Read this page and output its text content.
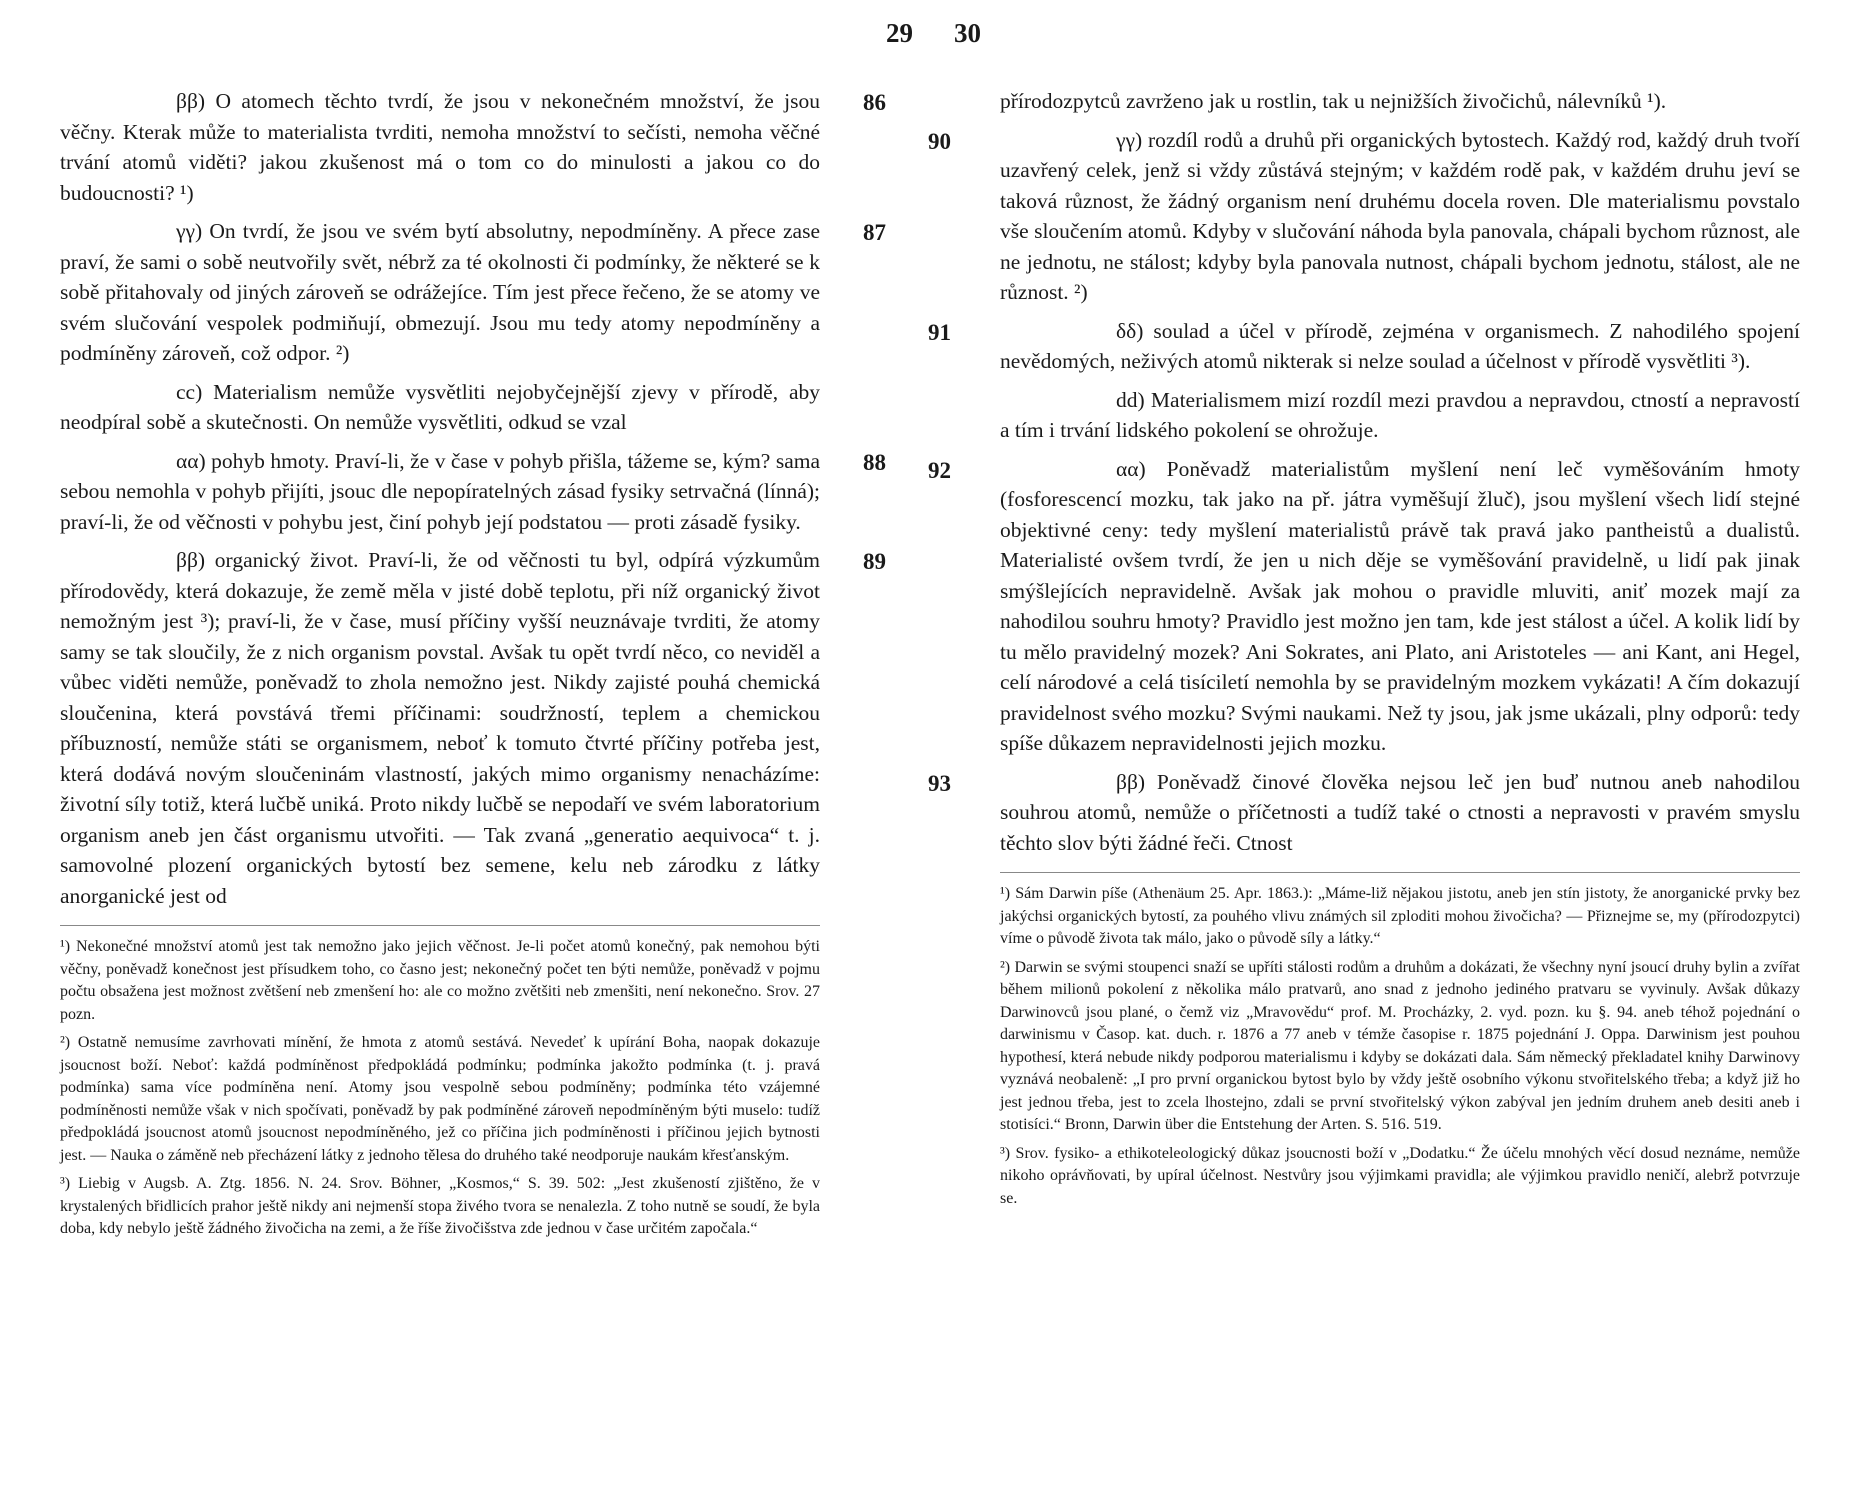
29 30

86
ββ) O atomech těchto tvrdí, že jsou v nekonečném množství, že jsou věčny. Kterak může to materialista tvrditi, nemoha množství to sečísti, nemoha věčné trvání atomů viděti? jakou zkušenost má o tom co do minulosti a jakou co do budoucnosti? ¹)

87
γγ) On tvrdí, že jsou ve svém bytí absolutny, nepodmíněny. A přece zase praví, že sami o sobě neutvořily svět, nébrž za té okolnosti či podmínky, že některé se k sobě přitahovaly od jiných zároveň se odrážejíce. Tím jest přece řečeno, že se atomy ve svém slučování vespolek podmiňují, obmezují. Jsou mu tedy atomy nepodmíněny a podmíněny zároveň, což odpor. ²)

cc) Materialism nemůže vysvětliti nejobyčejnější zjevy v přírodě, aby neodpíral sobě a skutečnosti. On nemůže vysvětliti, odkud se vzal

88
αα) pohyb hmoty. Praví-li, že v čase v pohyb přišla, tážeme se, kým? sama sebou nemohla v pohyb přijíti, jsouc dle nepopíratelných zásad fysiky setrvačná (línná); praví-li, že od věčnosti v pohybu jest, činí pohyb její podstatou — proti zásadě fysiky.

89
ββ) organický život. Praví-li, že od věčnosti tu byl, odpírá výzkumům přírodovědy, která dokazuje, že země měla v jisté době teplotu, při níž organický život nemožným jest ³); praví-li, že v čase, musí příčiny vyšší neuznávaje tvrditi, že atomy samy se tak sloučily, že z nich organism povstal. Avšak tu opět tvrdí něco, co neviděl a vůbec viděti nemůže, poněvadž to zhola nemožno jest. Nikdy zajisté pouhá chemická sloučenina, která povstává třemi příčinami: soudržností, teplem a chemickou příbuzností, nemůže státi se organismem, neboť k tomuto čtvrté příčiny potřeba jest, která dodává novým sloučeninám vlastností, jakých mimo organismy nenacházíme: životní síly totiž, která lučbě uniká. Proto nikdy lučbě se nepodaří ve svém laboratorium organism aneb jen část organismu utvořiti. — Tak zvaná „generatio aequivoca“ t. j. samovolné plození organických bytostí bez semene, kelu neb zárodku z látky anorganické jest od

¹) Nekonečné množství atomů jest tak nemožno jako jejich věčnost. Je-li počet atomů konečný, pak nemohou býti věčny, poněvadž konečnost jest přísudkem toho, co časno jest; nekonečný počet ten býti nemůže, poněvadž v pojmu počtu obsažena jest možnost zvětšení neb zmenšení ho: ale co možno zvětšiti neb zmenšiti, není nekonečno. Srov. 27 pozn.

²) Ostatně nemusíme zavrhovati mínění, že hmota z atomů sestává. Nevedeť k upírání Boha, naopak dokazuje jsoucnost boží. Neboť: každá podmíněnost předpokládá podmínku; podmínka jakožto podmínka (t. j. pravá podmínka) sama více podmíněna není. Atomy jsou vespolně sebou podmíněny; podmínka této vzájemné podmíněnosti nemůže však v nich spočívati, poněvadž by pak podmíněné zároveň nepodmíněným býti muselo: tudíž předpokládá jsoucnost atomů jsoucnost nepodmíněného, jež co příčina jich podmíněnosti i příčinou jejich bytnosti jest. — Nauka o záměně neb přecházení látky z jednoho tělesa do druhého také neodporuje naukám křesťanským.

³) Liebig v Augsb. A. Ztg. 1856. N. 24. Srov. Böhner, „Kosmos,“ S. 39. 502: „Jest zkušeností zjištěno, že v krystalených břidlicích prahor ještě nikdy ani nejmenší stopa živého tvora se nenalezla. Z toho nutně se soudí, že byla doba, kdy nebylo ještě žádného živočicha na zemi, a že říše živočišstva zde jednou v čase určitém započala.“

přírodozpytců zavrženo jak u rostlin, tak u nejnižších živočichů, nálevníků ¹).

90	γγ) rozdíl rodů a druhů při organických bytostech. Každý rod, každý druh tvoří uzavřený celek, jenž si vždy zůstává stejným; v každém rodě pak, v každém druhu jeví se taková různost, že žádný organism není druhému docela roven. Dle materialismu povstalo vše sloučením atomů. Kdyby v slučování náhoda byla panovala, chápali bychom různost, ale ne jednotu, ne stálost; kdyby byla panovala nutnost, chápali bychom jednotu, stálost, ale ne různost. ²)

91	δδ) soulad a účel v přírodě, zejména v organismech. Z nahodilého spojení nevědomých, neživých atomů nikterak si nelze soulad a účelnost v přírodě vysvětliti ³).

dd) Materialismem mizí rozdíl mezi pravdou a nepravdou, ctností a nepravostí a tím i trvání lidského pokolení se ohrožuje.

92	αα) Poněvadž materialistům myšlení není leč vyměšováním hmoty (fosforescencí mozku, tak jako na př. játra vyměšují žluč), jsou myšlení všech lidí stejné objektivné ceny: tedy myšlení materialistů právě tak pravá jako pantheistů a dualistů. Materialisté ovšem tvrdí, že jen u nich děje se vyměšování pravidelně, u lidí pak jinak smýšlejících nepravidelně. Avšak jak mohou o pravidle mluviti, aniť mozek mají za nahodilou souhru hmoty? Pravidlo jest možno jen tam, kde jest stálost a účel. A kolik lidí by tu mělo pravidelný mozek? Ani Sokrates, ani Plato, ani Aristoteles — ani Kant, ani Hegel, celí národové a celá tisíciletí nemohla by se pravidelným mozkem vykázati! A čím dokazují pravidelnost svého mozku? Svými naukami. Než ty jsou, jak jsme ukázali, plny odporů: tedy spíše důkazem nepravidelnosti jejich mozku.

93	ββ) Poněvadž činové člověka nejsou leč jen buď nutnou aneb nahodilou souhrou atomů, nemůže o příčetnosti a tudíž také o ctnosti a nepravosti v pravém smyslu těchto slov býti žádné řeči. Ctnost

¹) Sám Darwin píše (Athenäum 25. Apr. 1863.): „Máme-liž nějakou jistotu, aneb jen stín jistoty, že anorganické prvky bez jakýchsi organických bytostí, za pouhého vlivu známých sil zploditi mohou živočicha? — Přiznejme se, my (přírodozpytci) víme o původě života tak málo, jako o původě síly a látky.“

²) Darwin se svými stoupenci snaží se upříti stálosti rodům a druhům a dokázati, že všechny nyní jsoucí druhy bylin a zvířat během milionů pokolení z několika málo pratvarů, ano snad z jednoho jediného pratvaru se vyvinuly. Avšak důkazy Darwinovců jsou plané, o čemž viz „Mravovědu“ prof. M. Procházky, 2. vyd. pozn. ku §. 94. aneb téhož pojednání o darwinismu v Časop. kat. duch. r. 1876 a 77 aneb v témže časopise r. 1875 pojednání J. Oppa. Darwinism jest pouhou hypothesí, která nebude nikdy podporou materialismu i kdyby se dokázati dala. Sám německý překladatel knihy Darwinovy vyznává neobaleně: „I pro první organickou bytost bylo by vždy ještě osobního výkonu stvořitelského třeba; a když již ho jest jednou třeba, jest to zcela lhostejno, zdali se první stvořitelský výkon zabýval jen jedním druhem aneb desiti aneb i stotisíci.“ Bronn, Darwin über die Entstehung der Arten. S. 516. 519.

³) Srov. fysiko- a ethikoteleologický důkaz jsoucnosti boží v „Dodatku.“ Že účelu mnohých věcí dosud neznáme, nemůže nikoho oprávňovati, by upíral účelnost. Nestvůry jsou výjimkami pravidla; ale výjimkou pravidlo neničí, alebrž potvrzuje se.
